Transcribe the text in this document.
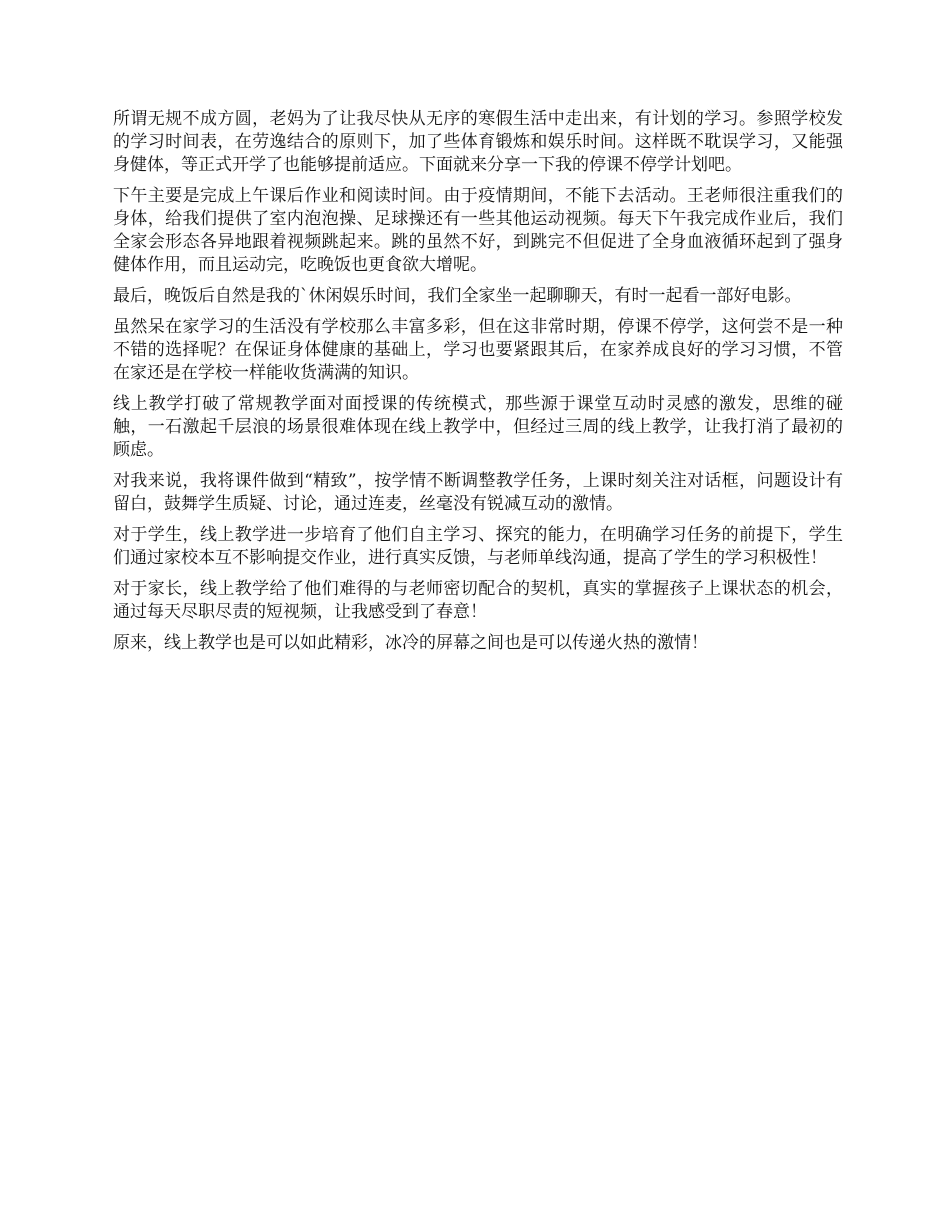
所谓无规不成方圆，老妈为了让我尽快从无序的寒假生活中走出来，有计划的学习。参照学校发的学习时间表，在劳逸结合的原则下，加了些体育锻炼和娱乐时间。这样既不耽误学习，又能强身健体，等正式开学了也能够提前适应。下面就来分享一下我的停课不停学计划吧。

下午主要是完成上午课后作业和阅读时间。由于疫情期间，不能下去活动。王老师很注重我们的身体，给我们提供了室内泡泡操、足球操还有一些其他运动视频。每天下午我完成作业后，我们全家会形态各异地跟着视频跳起来。跳的虽然不好，到跳完不但促进了全身血液循环起到了强身健体作用，而且运动完，吃晚饭也更食欲大增呢。

最后，晚饭后自然是我的`休闲娱乐时间，我们全家坐一起聊聊天，有时一起看一部好电影。

虽然呆在家学习的生活没有学校那么丰富多彩，但在这非常时期，停课不停学，这何尝不是一种不错的选择呢？在保证身体健康的基础上，学习也要紧跟其后，在家养成良好的学习习惯，不管在家还是在学校一样能收货满满的知识。

线上教学打破了常规教学面对面授课的传统模式，那些源于课堂互动时灵感的激发，思维的碰触，一石激起千层浪的场景很难体现在线上教学中，但经过三周的线上教学，让我打消了最初的顾虑。

对我来说，我将课件做到“精致”，按学情不断调整教学任务，上课时刻关注对话框，问题设计有留白，鼓舞学生质疑、讨论，通过连麦，丝毫没有锐减互动的激情。

对于学生，线上教学进一步培育了他们自主学习、探究的能力，在明确学习任务的前提下，学生们通过家校本互不影响提交作业，进行真实反馈，与老师单线沟通，提高了学生的学习积极性！

对于家长，线上教学给了他们难得的与老师密切配合的契机，真实的掌握孩子上课状态的机会，通过每天尽职尽责的短视频，让我感受到了春意！

原来，线上教学也是可以如此精彩，冰冷的屏幕之间也是可以传递火热的激情！
